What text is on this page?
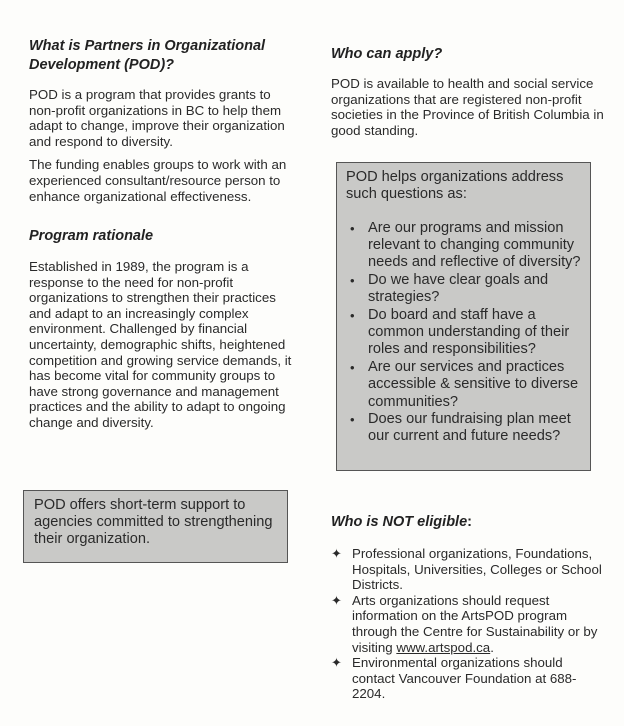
What is Partners in Organizational Development (POD)?

POD is a program that provides grants to non-profit organizations in BC to help them adapt to change, improve their organization and respond to diversity.

The funding enables groups to work with an experienced consultant/resource person to enhance organizational effectiveness.

Program rationale

Established in 1989, the program is a response to the need for non-profit organizations to strengthen their practices and adapt to an increasingly complex environment. Challenged by financial uncertainty, demographic shifts, heightened competition and growing service demands, it has become vital for community groups to have strong governance and management practices and the ability to adapt to ongoing change and diversity.

POD offers short-term support to agencies committed to strengthening their organization.

Who can apply?

POD is available to health and social service organizations that are registered non-profit societies in the Province of British Columbia in good standing.

POD helps organizations address such questions as:

• Are our programs and mission relevant to changing community needs and reflective of diversity?
• Do we have clear goals and strategies?
• Do board and staff have a common understanding of their roles and responsibilities?
• Are our services and practices accessible & sensitive to diverse communities?
• Does our fundraising plan meet our current and future needs?
Who is NOT eligible:
✦ Professional organizations, Foundations, Hospitals, Universities, Colleges or School Districts.
✦ Arts organizations should request information on the ArtsPOD program through the Centre for Sustainability or by visiting www.artspod.ca.
✦ Environmental organizations should contact Vancouver Foundation at 688-2204.
